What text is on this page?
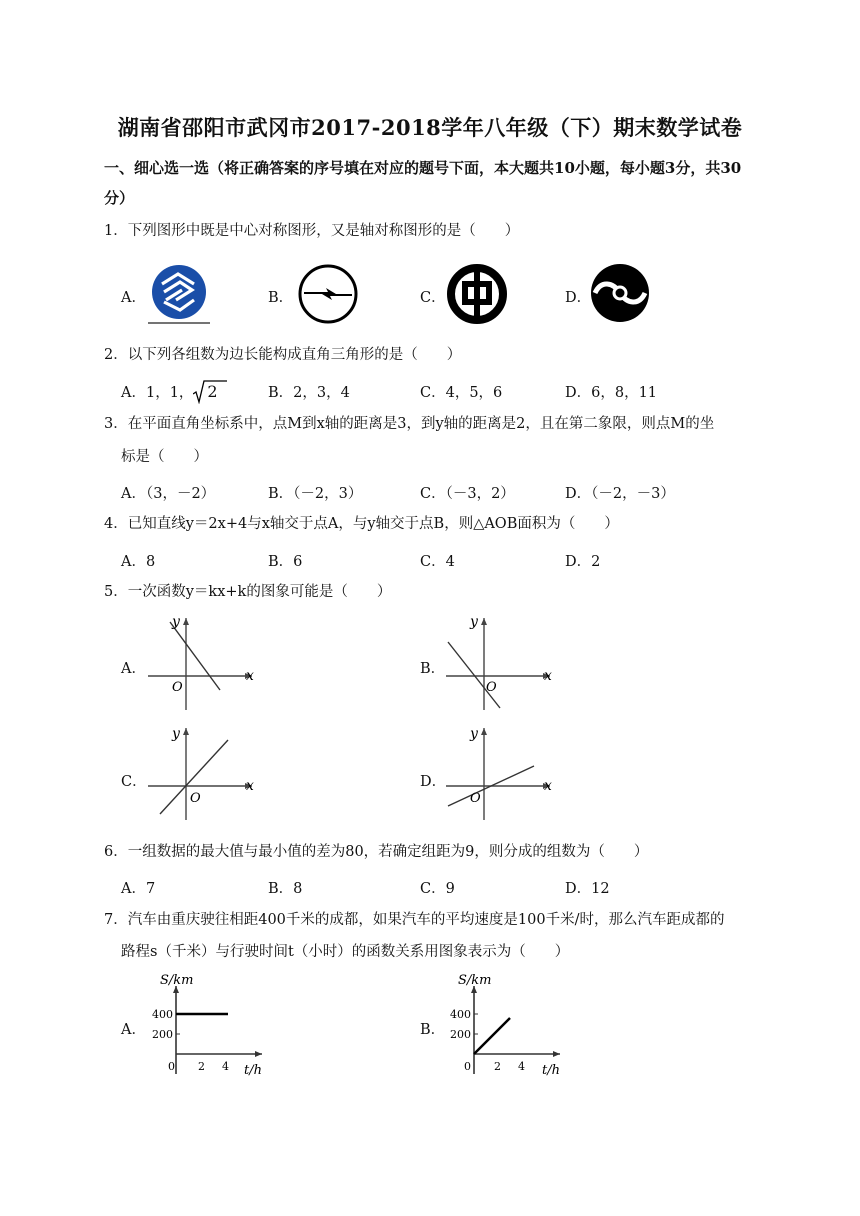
湖南省邵阳市武冈市2017-2018学年八年级（下）期末数学试卷
一、细心选一选（将正确答案的序号填在对应的题号下面，本大题共10小题，每小题3分，共30
分）
1．下列图形中既是中心对称图形，又是轴对称图形的是（　　）
A．	B．	C．	D．
2．以下列各组数为边长能构成直角三角形的是（　　）
A．1，1， 2	B．2，3，4	C．4，5，6	D．6，8，11
3．在平面直角坐标系中，点M到x轴的距离是3，到y轴的距离是2，且在第二象限，则点M的坐
标是（　　）
A．（3，－2）	B．（－2，3）	C．（－3，2）	D．（－2，－3）
4．已知直线y＝2x+4与x轴交于点A，与y轴交于点B，则△AOB面积为（　　）
A．8	B．6	C．4	D．2
5．一次函数y＝kx+k的图象可能是（　　）
A．
y
x
O
B．
y
x
O
C．
y
x
O
D．
y
x
O
6．一组数据的最大值与最小值的差为80，若确定组距为9，则分成的组数为（　　）
A．7	B．8	C．9	D．12
7．汽车由重庆驶往相距400千米的成都，如果汽车的平均速度是100千米/时，那么汽车距成都的
路程s（千米）与行驶时间t（小时）的函数关系用图象表示为（　　）
A．
S/km
t/h
400
200
0 2 4
B．
S/km
t/h
400
200
0 2 4
